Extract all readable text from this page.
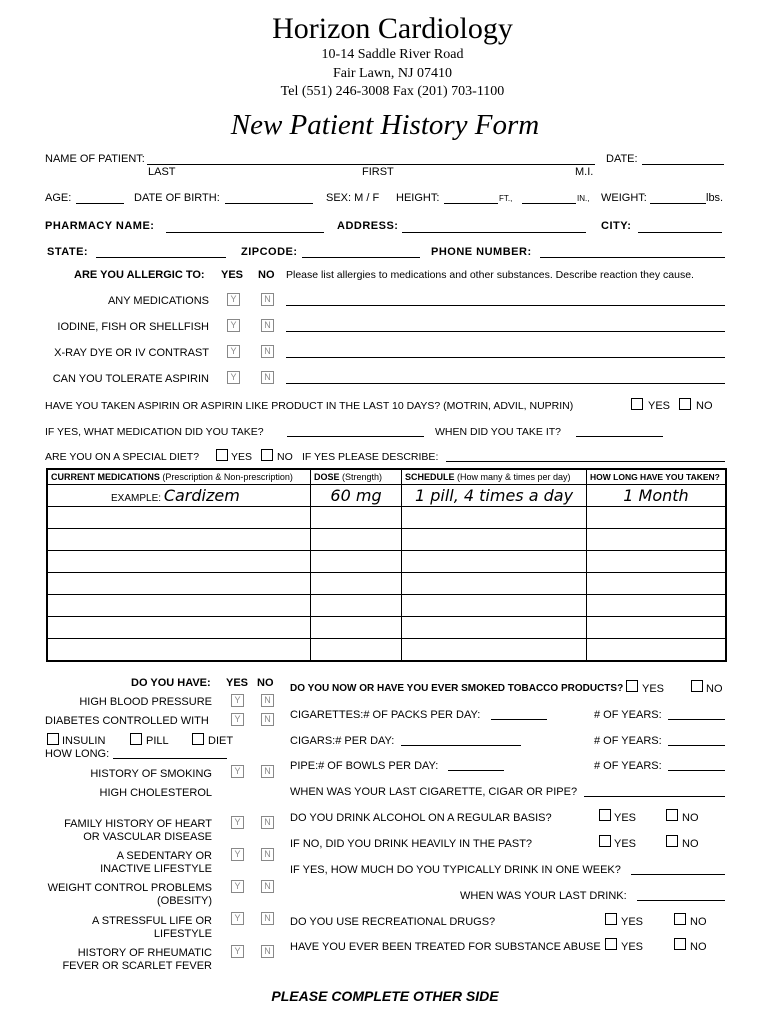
Horizon Cardiology
10-14 Saddle River Road
Fair Lawn, NJ 07410
Tel (551) 246-3008 Fax (201) 703-1100
New Patient History Form
NAME OF PATIENT:
LAST	FIRST	M.I.
DATE:
AGE:	DATE OF BIRTH:	SEX: M / F HEIGHT:	FT.,	IN., WEIGHT:	lbs.
PHARMACY NAME:	ADDRESS:	CITY:
STATE:	ZIPCODE:	PHONE NUMBER:
ARE YOU ALLERGIC TO: YES NO Please list allergies to medications and other substances. Describe reaction they cause.
ANY MEDICATIONS	Y	N
IODINE, FISH OR SHELLFISH	Y	N
X-RAY DYE OR IV CONTRAST	Y	N
CAN YOU TOLERATE ASPIRIN	Y	N
HAVE YOU TAKEN ASPIRIN OR ASPIRIN LIKE PRODUCT IN THE LAST 10 DAYS? (MOTRIN, ADVIL, NUPRIN)	YES NO
IF YES, WHAT MEDICATION DID YOU TAKE?	WHEN DID YOU TAKE IT?
ARE YOU ON A SPECIAL DIET?	YES NO IF YES PLEASE DESCRIBE:
CURRENT MEDICATIONS (Prescription & Non-prescription)	DOSE (Strength)	SCHEDULE (How many & times per day)	HOW LONG HAVE YOU TAKEN?
EXAMPLE: Cardizem	60 mg	1 pill, 4 times a day	1 Month

DO YOU HAVE: YES NO
HIGH BLOOD PRESSURE	Y	N
DIABETES CONTROLLED WITH	Y	N
INSULIN	PILL	DIET
HOW LONG:
HISTORY OF SMOKING	Y	N
HIGH CHOLESTEROL
FAMILY HISTORY OF HEART
OR VASCULAR DISEASE
Y	N
A SEDENTARY OR
INACTIVE LIFESTYLE
Y	N
WEIGHT CONTROL PROBLEMS
(OBESITY)
Y	N
A STRESSFUL LIFE OR
LIFESTYLE
Y	N
HISTORY OF RHEUMATIC
FEVER OR SCARLET FEVER
Y	N
DO YOU NOW OR HAVE YOU EVER SMOKED TOBACCO PRODUCTS? YES	NO
CIGARETTES:# OF PACKS PER DAY:	# OF YEARS:
CIGARS:# PER DAY:	# OF YEARS:
PIPE:# OF BOWLS PER DAY:	# OF YEARS:
WHEN WAS YOUR LAST CIGARETTE, CIGAR OR PIPE?
DO YOU DRINK ALCOHOL ON A REGULAR BASIS?	YES	NO
IF NO, DID YOU DRINK HEAVILY IN THE PAST?	YES	NO
IF YES, HOW MUCH DO YOU TYPICALLY DRINK IN ONE WEEK?
WHEN WAS YOUR LAST DRINK:
DO YOU USE RECREATIONAL DRUGS?	YES	NO
HAVE YOU EVER BEEN TREATED FOR SUBSTANCE ABUSE YES	NO
PLEASE COMPLETE OTHER SIDE
